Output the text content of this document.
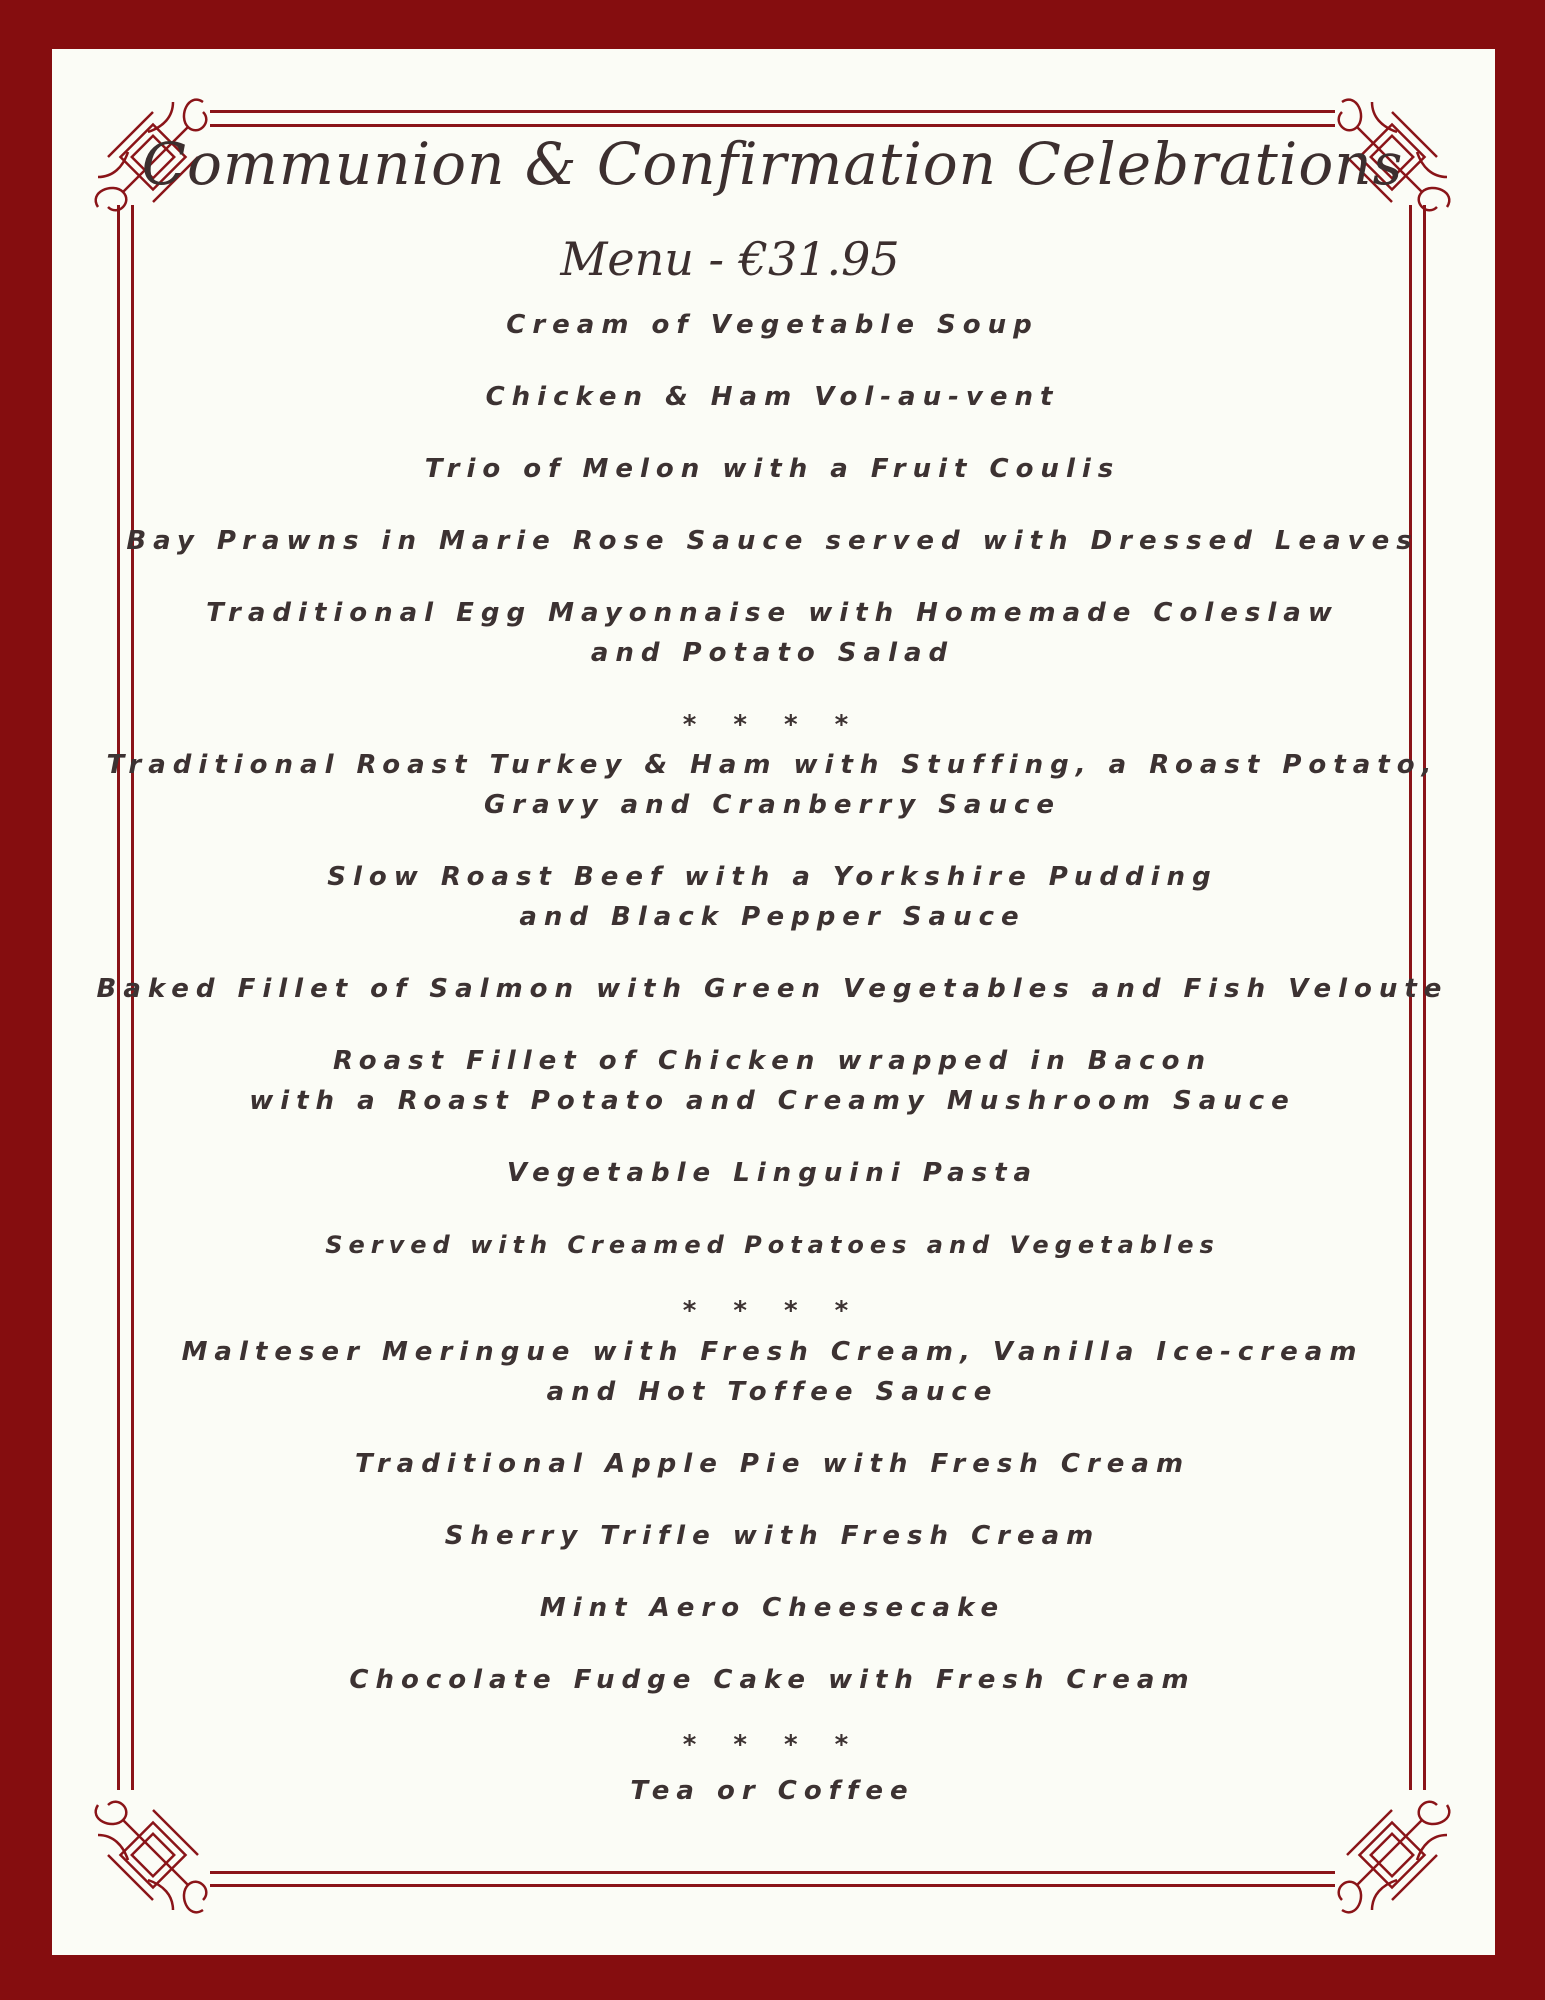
Communion & Confirmation Celebrations
Menu - €31.95

Cream of Vegetable Soup

Chicken & Ham Vol-au-vent

Trio of Melon with a Fruit Coulis

Bay Prawns in Marie Rose Sauce served with Dressed Leaves

Traditional Egg Mayonnaise with Homemade Coleslaw

and Potato Salad

* * * *

Traditional Roast Turkey & Ham with Stuffing, a Roast Potato,

Gravy and Cranberry Sauce

Slow Roast Beef with a Yorkshire Pudding

and Black Pepper Sauce

Baked Fillet of Salmon with Green Vegetables and Fish Veloute

Roast Fillet of Chicken wrapped in Bacon

with a Roast Potato and Creamy Mushroom Sauce

Vegetable Linguini Pasta

Served with Creamed Potatoes and Vegetables

* * * *

Malteser Meringue with Fresh Cream, Vanilla Ice-cream

and Hot Toffee Sauce

Traditional Apple Pie with Fresh Cream

Sherry Trifle with Fresh Cream

Mint Aero Cheesecake

Chocolate Fudge Cake with Fresh Cream

* * * *

Tea or Coffee
